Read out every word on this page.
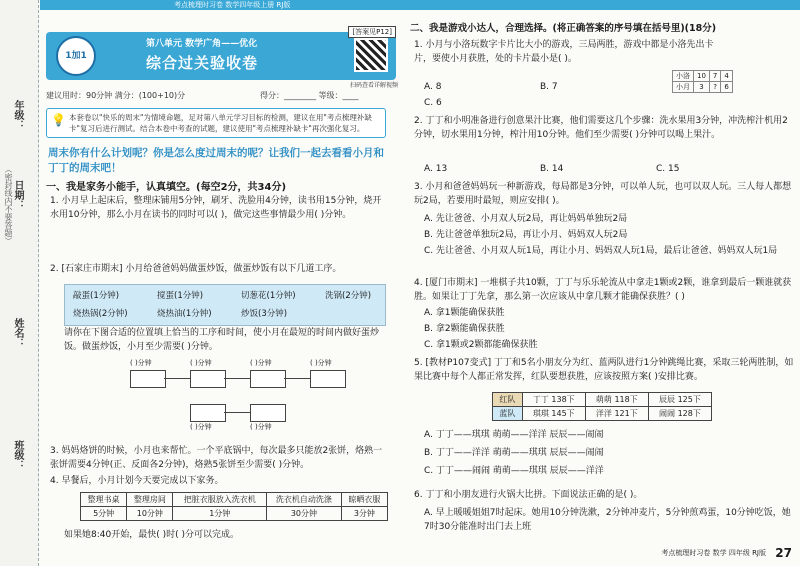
日期：
姓名：
班级：
年级：
（密封线内不要答题）
考点梳理时习卷 数学四年级上册 RJ版
1加1
第八单元 数学广角——优化
综合过关验收卷
[答案见P12]
扫码查看详解视频
建议用时：90分钟 满分：(100+10)分	得分：________ 等级：____
💡 本套卷以"快乐的周末"为情境命题，足对第八单元学习目标的检测，建议在用"考点梳理补缺卡"复习后进行测试。结合本卷中考查的试题，建议使用"考点梳理补缺卡"再次强化复习。
周末你有什么计划呢？你是怎么度过周末的呢？让我们一起去看看小月和丁丁的周末吧！
一、我是家务小能手，认真填空。(每空2分，共34分)
1. 小月早上起床后，整理床铺用5分钟，刷牙、洗脸用4分钟，读书用15分钟，烧开水用10分钟，那么小月在读书的同时可以( )，做完这些事情最少用( )分钟。
2. [石家庄市期末] 小月给爸爸妈妈做蛋炒饭，做蛋炒饭有以下几道工序。
敲蛋(1分钟)	搅蛋(1分钟)	切葱花(1分钟)	洗锅(2分钟)
烧热锅(2分钟)	烧热油(1分钟)	炒饭(3分钟)
请你在下图合适的位置填上恰当的工序和时间，使小月在最短的时间内做好蛋炒饭。做蛋炒饭，小月至少需要( )分钟。
( )分钟	( )分钟	( )分钟	( )分钟
( )分钟	( )分钟
3. 妈妈烙饼的时候，小月也来帮忙。一个平底锅中，每次最多只能放2张饼，烙熟一张饼需要4分钟(正、反面各2分钟)，烙熟5张饼至少需要( )分钟。
4. 早餐后，小月计划今天要完成以下家务。
整理书桌	整理房间	把脏衣服放入洗衣机	洗衣机自动洗涤	晾晒衣服
5分钟	10分钟	1分钟	30分钟	3分钟
如果她8:40开始，最快( )时( )分可以完成。
二、我是游戏小达人，合理选择。(将正确答案的序号填在括号里)(18分)
1. 小月与小洛玩数字卡片比大小的游戏，三局两胜，游戏中都是小洛先出卡片，要使小月获胜，处的卡片最小是( )。
小洛	10	7	4
小月	3	?	6
A. 8	B. 7
C. 6
2. 丁丁和小明准备进行创意果汁比赛，他们需要这几个步骤：洗水果用3分钟，冲洗榨汁机用2分钟，切水果用1分钟，榨汁用10分钟。他们至少需要( )分钟可以喝上果汁。
A. 13	B. 14	C. 15
3. 小月和爸爸妈妈玩一种新游戏，每局都是3分钟，可以单人玩，也可以双人玩。三人每人都想玩2局，若要用时最短，则应安排( )。
A. 先让爸爸、小月双人玩2局，再让妈妈单独玩2局
B. 先让爸爸单独玩2局，再让小月、妈妈双人玩2局
C. 先让爸爸、小月双人玩1局，再让小月、妈妈双人玩1局，最后让爸爸、妈妈双人玩1局
4. [厦门市期末] 一堆棋子共10颗，丁丁与乐乐轮流从中拿走1颗或2颗，谁拿到最后一颗谁就获胜。如果让丁丁先拿，那么第一次应该从中拿几颗才能确保获胜？( )
A. 拿1颗能确保获胜
B. 拿2颗能确保获胜
C. 拿1颗或2颗都能确保获胜
5. [教材P107变式] 丁丁和5名小朋友分为红、蓝两队进行1分钟跳绳比赛，采取三轮两胜制，如果比赛中每个人都正常发挥，红队要想获胜，应该按照方案( )安排比赛。
红队	丁丁 138下	萌萌 118下	辰辰 125下
蓝队	琪琪 145下	洋洋 121下	闹闹 128下
A. 丁丁——琪琪 萌萌——洋洋 辰辰——闹闹
B. 丁丁——洋洋 萌萌——琪琪 辰辰——闹闹
C. 丁丁——闹闹 萌萌——琪琪 辰辰——洋洋
6. 丁丁和小朋友进行火锅大比拼。下面说法正确的是( )。
A. 早上暖暖姐姐7时起床。她用10分钟洗漱，2分钟冲麦片，5分钟煎鸡蛋，10分钟吃饭，她7时30分能准时出门去上班
考点梳理时习卷 数学 四年级 RJ版 27
